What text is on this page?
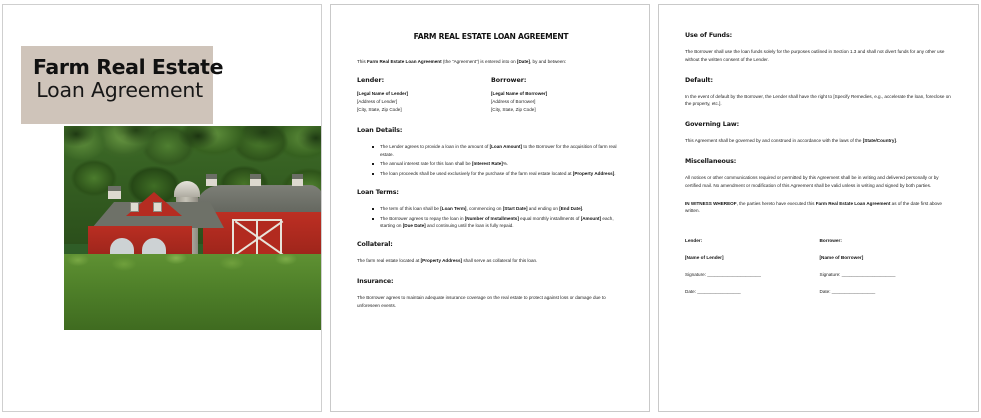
Farm Real Estate
Loan Agreement
FARM REAL ESTATE LOAN AGREEMENT

This Farm Real Estate Loan Agreement (the “Agreement”) is entered into on [Date], by and between:

Lender:
[Legal Name of Lender]
[Address of Lender]
[City, State, Zip Code]
Borrower:
[Legal Name of Borrower]
[Address of Borrower]
[City, State, Zip Code]
Loan Details:
The Lender agrees to provide a loan in the amount of [Loan Amount] to the Borrower for the acquisition of farm real estate.
The annual interest rate for this loan shall be [Interest Rate]%.
The loan proceeds shall be used exclusively for the purchase of the farm real estate located at [Property Address].
Loan Terms:
The term of this loan shall be [Loan Term], commencing on [Start Date] and ending on [End Date].
The Borrower agrees to repay the loan in [Number of Installments] equal monthly installments of [Amount] each, starting on [Due Date] and continuing until the loan is fully repaid.
Collateral:

The farm real estate located at [Property Address] shall serve as collateral for this loan.

Insurance:

The Borrower agrees to maintain adequate insurance coverage on the real estate to protect against loss or damage due to unforeseen events.

Use of Funds:

The Borrower shall use the loan funds solely for the purposes outlined in Section 1.3 and shall not divert funds for any other use without the written consent of the Lender.

Default:

In the event of default by the Borrower, the Lender shall have the right to [Specify Remedies, e.g., accelerate the loan, foreclose on the property, etc.].

Governing Law:

This Agreement shall be governed by and construed in accordance with the laws of the [State/Country].

Miscellaneous:

All notices or other communications required or permitted by this Agreement shall be in writing and delivered personally or by certified mail. No amendment or modification of this Agreement shall be valid unless in writing and signed by both parties.

IN WITNESS WHEREOF, the parties hereto have executed this Farm Real Estate Loan Agreement as of the date first above written.

Lender:
[Name of Lender]
Signature: _____________________
Date: _________________
Borrower:
[Name of Borrower]
Signature: _____________________
Date: _________________
